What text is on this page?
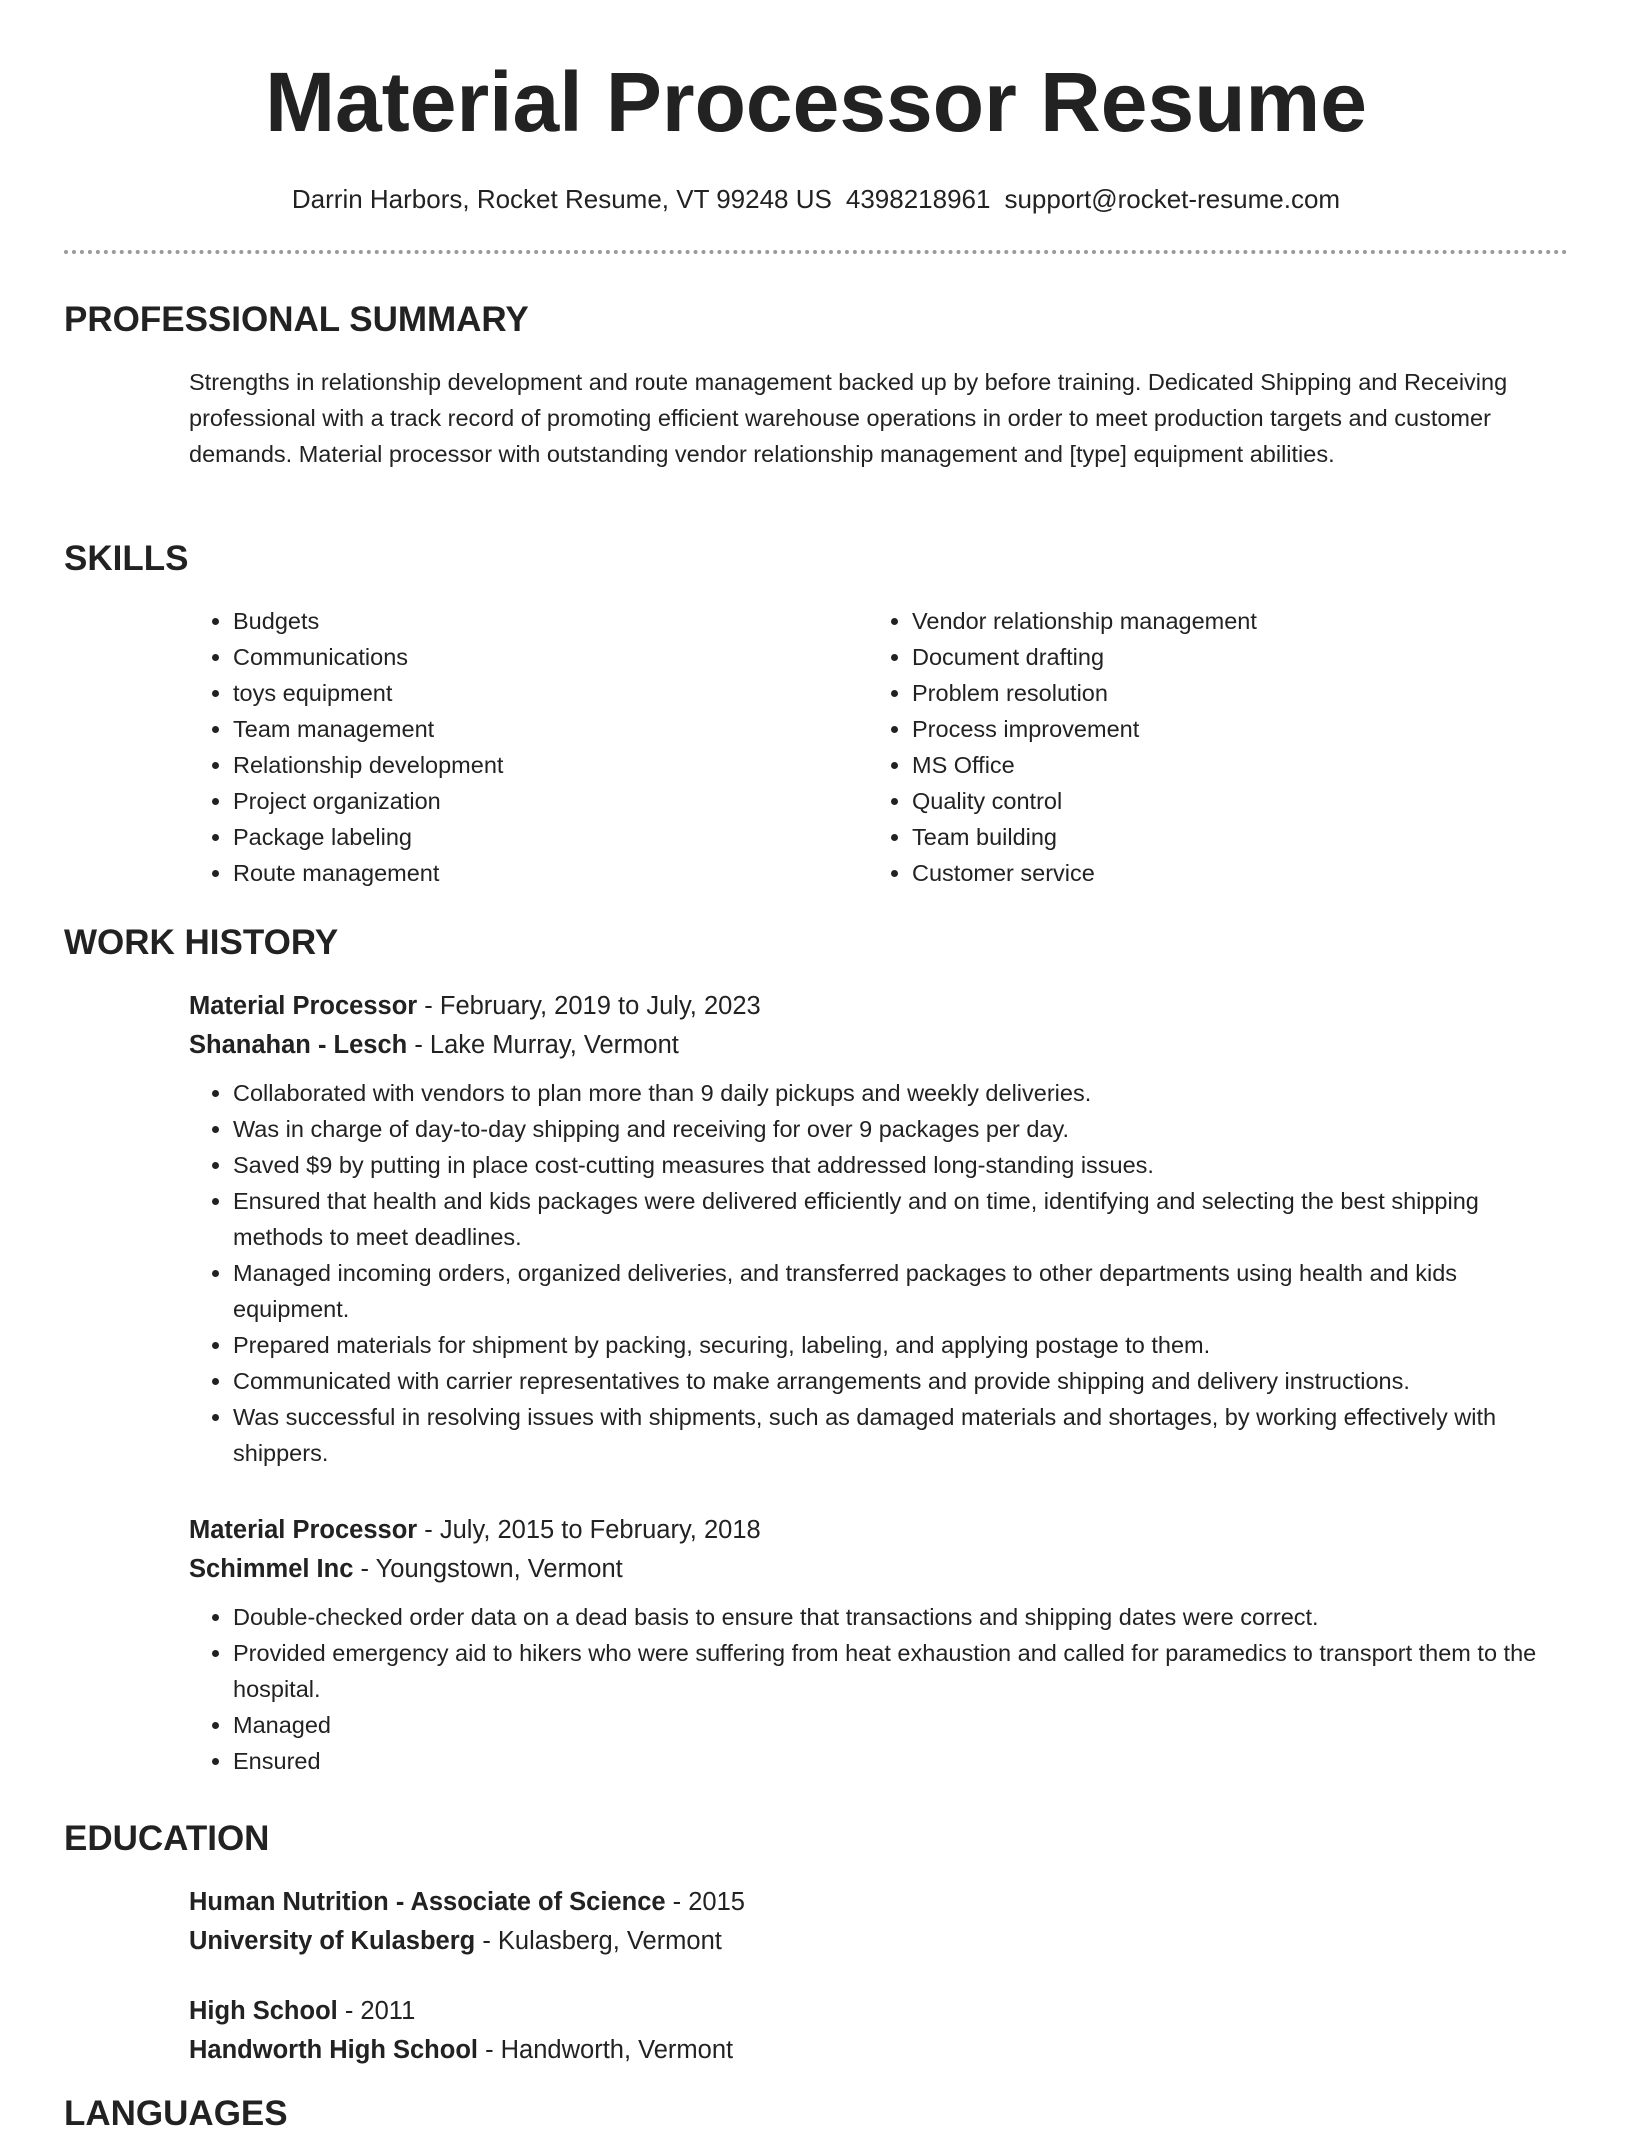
Material Processor Resume
Darrin Harbors, Rocket Resume, VT 99248 US 4398218961 support@rocket-resume.com
PROFESSIONAL SUMMARY

Strengths in relationship development and route management backed up by before training. Dedicated Shipping and Receiving professional with a track record of promoting efficient warehouse operations in order to meet production targets and customer demands. Material processor with outstanding vendor relationship management and [type] equipment abilities.

SKILLS
• Budgets
• Communications
• toys equipment
• Team management
• Relationship development
• Project organization
• Package labeling
• Route management
• Vendor relationship management
• Document drafting
• Problem resolution
• Process improvement
• MS Office
• Quality control
• Team building
• Customer service
WORK HISTORY
Material Processor - February, 2019 to July, 2023
Shanahan - Lesch - Lake Murray, Vermont
• Collaborated with vendors to plan more than 9 daily pickups and weekly deliveries.
• Was in charge of day-to-day shipping and receiving for over 9 packages per day.
• Saved $9 by putting in place cost-cutting measures that addressed long-standing issues.
• Ensured that health and kids packages were delivered efficiently and on time, identifying and selecting the best shipping methods to meet deadlines.
• Managed incoming orders, organized deliveries, and transferred packages to other departments using health and kids equipment.
• Prepared materials for shipment by packing, securing, labeling, and applying postage to them.
• Communicated with carrier representatives to make arrangements and provide shipping and delivery instructions.
• Was successful in resolving issues with shipments, such as damaged materials and shortages, by working effectively with shippers.
Material Processor - July, 2015 to February, 2018
Schimmel Inc - Youngstown, Vermont
• Double-checked order data on a dead basis to ensure that transactions and shipping dates were correct.
• Provided emergency aid to hikers who were suffering from heat exhaustion and called for paramedics to transport them to the hospital.
• Managed
• Ensured
EDUCATION
Human Nutrition - Associate of Science - 2015
University of Kulasberg - Kulasberg, Vermont
High School - 2011
Handworth High School - Handworth, Vermont
LANGUAGES
